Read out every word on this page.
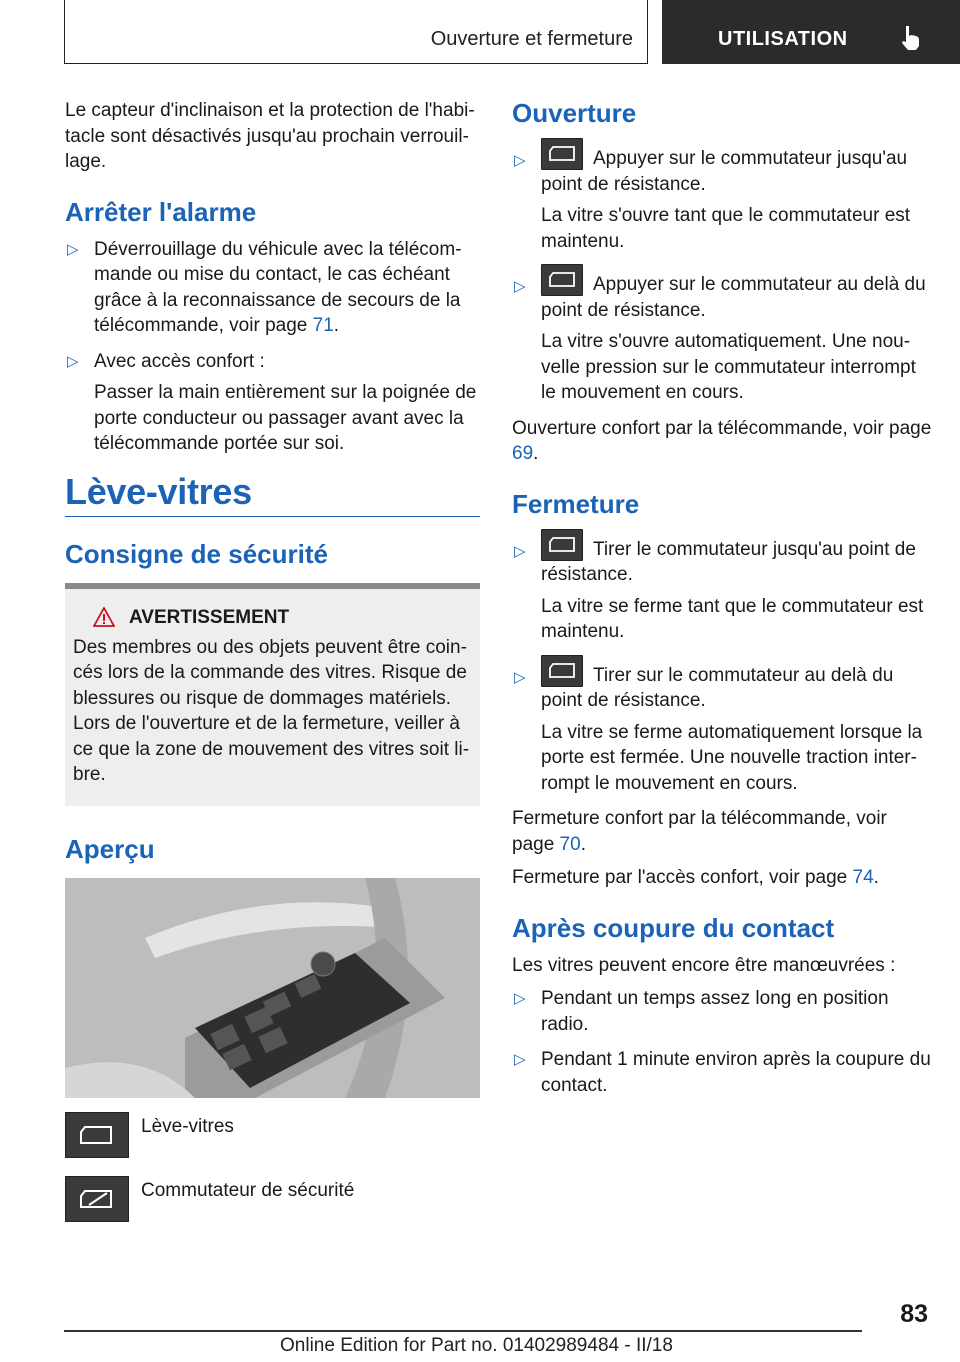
Ouverture et fermeture	UTILISATION

Le capteur d'inclinaison et la protection de l'habi-tacle sont désactivés jusqu'au prochain verrouil-lage.

Arrêter l'alarme
▷ Déverrouillage du véhicule avec la télécom-mande ou mise du contact, le cas échéant grâce à la reconnaissance de secours de la télécommande, voir page 71.

▷ Avec accès confort :

Passer la main entièrement sur la poignée de porte conducteur ou passager avant avec la télécommande portée sur soi.

Lève-vitres
Consigne de sécurité
AVERTISSEMENT

Des membres ou des objets peuvent être coin-cés lors de la commande des vitres. Risque de blessures ou risque de dommages matériels. Lors de l'ouverture et de la fermeture, veiller à ce que la zone de mouvement des vitres soit li-bre.

Aperçu
Lève-vitres
Commutateur de sécurité
Ouverture
▷	Appuyer sur le commutateur jusqu'au point de résistance.

La vitre s'ouvre tant que le commutateur est maintenu.

▷	Appuyer sur le commutateur au delà du point de résistance.

La vitre s'ouvre automatiquement. Une nou-velle pression sur le commutateur interrompt le mouvement en cours.

Ouverture confort par la télécommande, voir page 69.

Fermeture
▷	Tirer le commutateur jusqu'au point de résistance.

La vitre se ferme tant que le commutateur est maintenu.

▷	Tirer sur le commutateur au delà du point de résistance.

La vitre se ferme automatiquement lorsque la porte est fermée. Une nouvelle traction inter-rompt le mouvement en cours.

Fermeture confort par la télécommande, voir page 70.

Fermeture par l'accès confort, voir page 74.

Après coupure du contact

Les vitres peuvent encore être manœuvrées :

▷ Pendant un temps assez long en position radio.

▷ Pendant 1 minute environ après la coupure du contact.

83
Online Edition for Part no. 01402989484 - II/18
